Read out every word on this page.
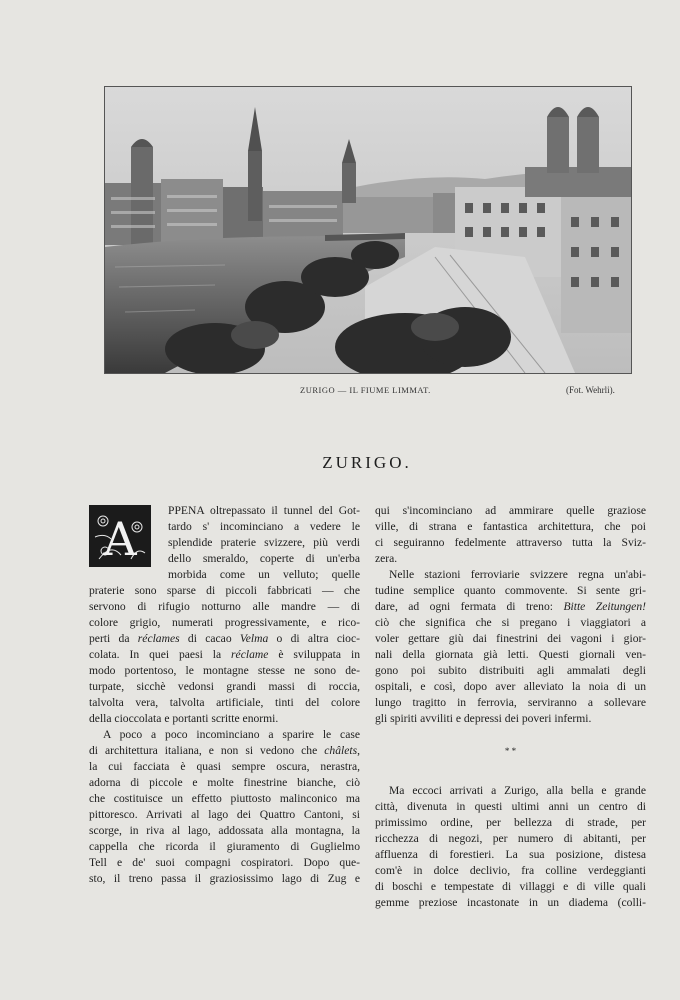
ZURIGO — IL FIUME LIMMAT.	(Fot. Wehrli).
ZURIGO.
A
PPENA oltrepassato il tunnel del Got-
tardo s' incominciano a vedere le
splendide praterie svizzere, più verdi
dello smeraldo, coperte di un'erba
morbida come un velluto; quelle
praterie sono sparse di piccoli fabbricati — che
servono di rifugio notturno alle mandre — di
colore grigio, numerati progressivamente, e rico-
perti da réclames di cacao Velma o di altra cioc-
colata. In quei paesi la réclame è sviluppata in
modo portentoso, le montagne stesse ne sono de-
turpate, sicchè vedonsi grandi massi di roccia,
talvolta vera, talvolta artificiale, tinti del colore
della cioccolata e portanti scritte enormi.
A poco a poco incominciano a sparire le case
di architettura italiana, e non si vedono che châlets,
la cui facciata è quasi sempre oscura, nerastra,
adorna di piccole e molte finestrine bianche, ciò
che costituisce un effetto piuttosto malinconico ma
pittoresco. Arrivati al lago dei Quattro Cantoni, si
scorge, in riva al lago, addossata alla montagna, la
cappella che ricorda il giuramento di Guglielmo
Tell e de' suoi compagni cospiratori. Dopo que-
sto, il treno passa il graziosissimo lago di Zug e
qui s'incominciano ad ammirare quelle graziose
ville, di strana e fantastica architettura, che poi
ci seguiranno fedelmente attraverso tutta la Sviz-
zera.
Nelle stazioni ferroviarie svizzere regna un'abi-
tudine semplice quanto commovente. Si sente gri-
dare, ad ogni fermata di treno: Bitte Zeitungen!
ciò che significa che si pregano i viaggiatori a
voler gettare giù dai finestrini dei vagoni i gior-
nali della giornata già letti. Questi giornali ven-
gono poi subito distribuiti agli ammalati degli
ospitali, e così, dopo aver alleviato la noia di un
lungo tragitto in ferrovia, serviranno a sollevare
gli spiriti avviliti e depressi dei poveri infermi.
* *
Ma eccoci arrivati a Zurigo, alla bella e grande
città, divenuta in questi ultimi anni un centro di
primissimo ordine, per bellezza di strade, per
ricchezza di negozi, per numero di abitanti, per
affluenza di forestieri. La sua posizione, distesa
com'è in dolce declivio, fra colline verdeggianti
di boschi e tempestate di villaggi e di ville quali
gemme preziose incastonate in un diadema (colli-
